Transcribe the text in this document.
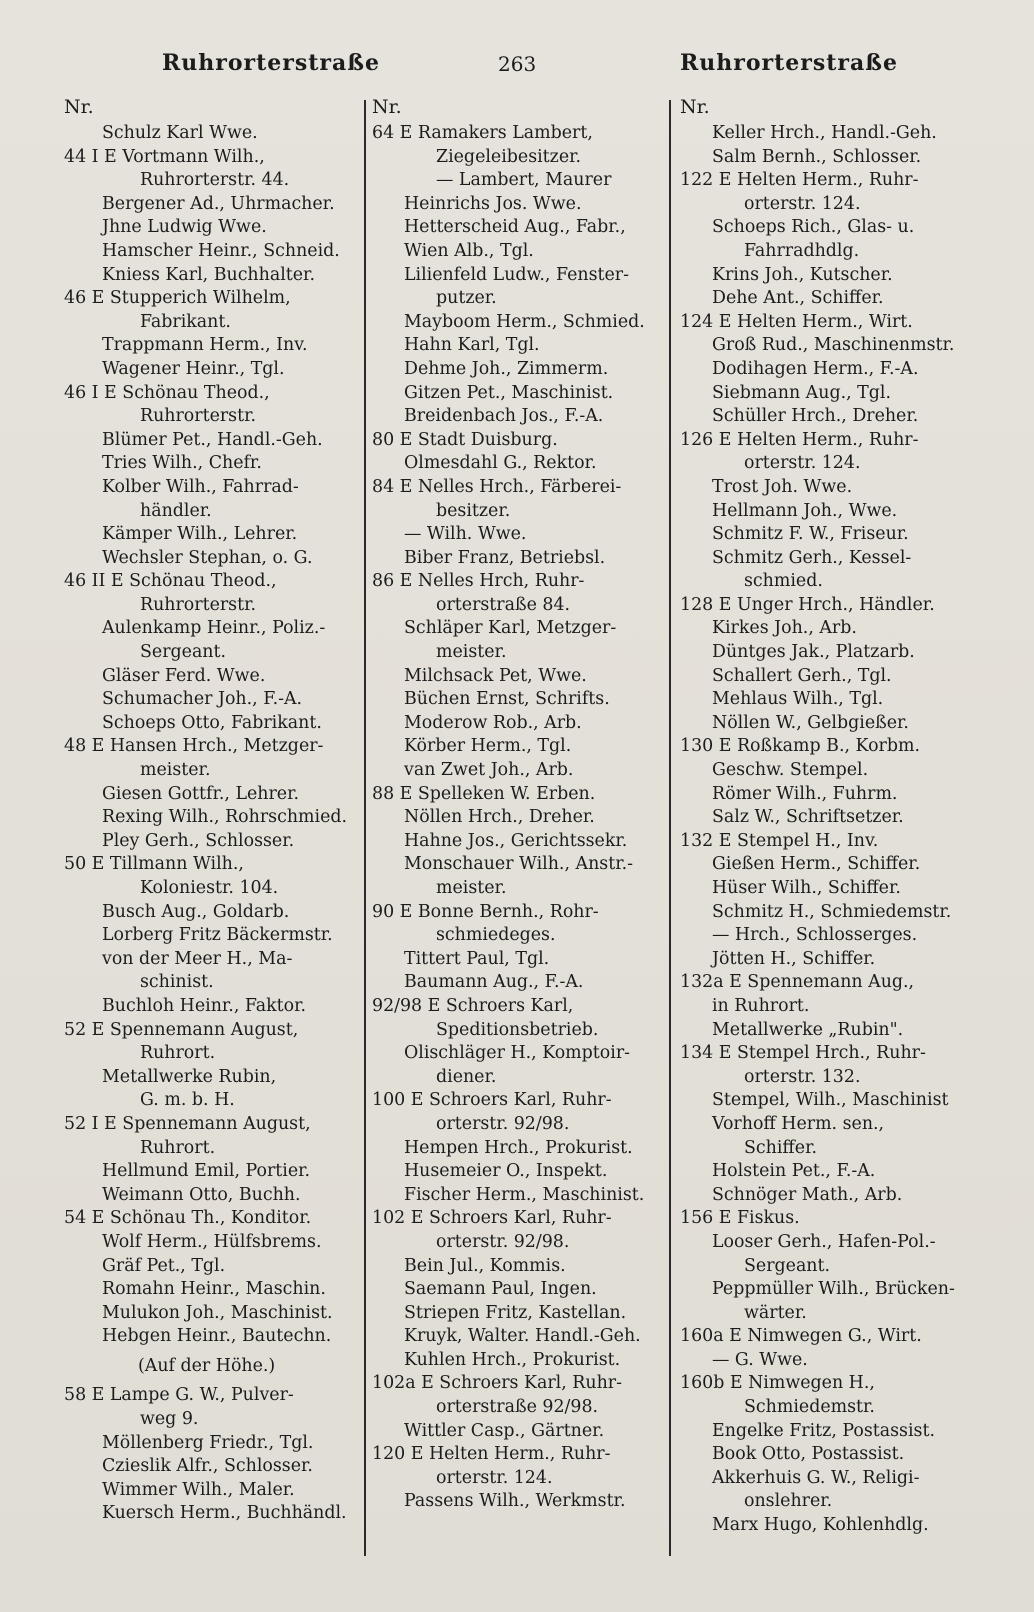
Ruhrorterstraße	263	Ruhrorterstraße
Nr.
Schulz Karl Wwe.
44 I E Vortmann Wilh.,
Ruhrorterstr. 44.
Bergener Ad., Uhrmacher.
Jhne Ludwig Wwe.
Hamscher Heinr., Schneid.
Kniess Karl, Buchhalter.
46 E Stupperich Wilhelm,
Fabrikant.
Trappmann Herm., Inv.
Wagener Heinr., Tgl.
46 I E Schönau Theod.,
Ruhrorterstr.
Blümer Pet., Handl.-Geh.
Tries Wilh., Chefr.
Kolber Wilh., Fahrrad-
händler.
Kämper Wilh., Lehrer.
Wechsler Stephan, o. G.
46 II E Schönau Theod.,
Ruhrorterstr.
Aulenkamp Heinr., Poliz.-
Sergeant.
Gläser Ferd. Wwe.
Schumacher Joh., F.-A.
Schoeps Otto, Fabrikant.
48 E Hansen Hrch., Metzger-
meister.
Giesen Gottfr., Lehrer.
Rexing Wilh., Rohrschmied.
Pley Gerh., Schlosser.
50 E Tillmann Wilh.,
Koloniestr. 104.
Busch Aug., Goldarb.
Lorberg Fritz Bäckermstr.
von der Meer H., Ma-
schinist.
Buchloh Heinr., Faktor.
52 E Spennemann August,
Ruhrort.
Metallwerke Rubin,
G. m. b. H.
52 I E Spennemann August,
Ruhrort.
Hellmund Emil, Portier.
Weimann Otto, Buchh.
54 E Schönau Th., Konditor.
Wolf Herm., Hülfsbrems.
Gräf Pet., Tgl.
Romahn Heinr., Maschin.
Mulukon Joh., Maschinist.
Hebgen Heinr., Bautechn.
(Auf der Höhe.)
58 E Lampe G. W., Pulver-
weg 9.
Möllenberg Friedr., Tgl.
Czieslik Alfr., Schlosser.
Wimmer Wilh., Maler.
Kuersch Herm., Buchhändl.
Nr.
64 E Ramakers Lambert,
Ziegeleibesitzer.
— Lambert, Maurer
Heinrichs Jos. Wwe.
Hetterscheid Aug., Fabr.,
Wien Alb., Tgl.
Lilienfeld Ludw., Fenster-
putzer.
Mayboom Herm., Schmied.
Hahn Karl, Tgl.
Dehme Joh., Zimmerm.
Gitzen Pet., Maschinist.
Breidenbach Jos., F.-A.
80 E Stadt Duisburg.
Olmesdahl G., Rektor.
84 E Nelles Hrch., Färberei-
besitzer.
— Wilh. Wwe.
Biber Franz, Betriebsl.
86 E Nelles Hrch, Ruhr-
orterstraße 84.
Schläper Karl, Metzger-
meister.
Milchsack Pet, Wwe.
Büchen Ernst, Schrifts.
Moderow Rob., Arb.
Körber Herm., Tgl.
van Zwet Joh., Arb.
88 E Spelleken W. Erben.
Nöllen Hrch., Dreher.
Hahne Jos., Gerichtssekr.
Monschauer Wilh., Anstr.-
meister.
90 E Bonne Bernh., Rohr-
schmiedeges.
Tittert Paul, Tgl.
Baumann Aug., F.-A.
92/98 E Schroers Karl,
Speditionsbetrieb.
Olischläger H., Komptoir-
diener.
100 E Schroers Karl, Ruhr-
orterstr. 92/98.
Hempen Hrch., Prokurist.
Husemeier O., Inspekt.
Fischer Herm., Maschinist.
102 E Schroers Karl, Ruhr-
orterstr. 92/98.
Bein Jul., Kommis.
Saemann Paul, Ingen.
Striepen Fritz, Kastellan.
Kruyk, Walter. Handl.-Geh.
Kuhlen Hrch., Prokurist.
102a E Schroers Karl, Ruhr-
orterstraße 92/98.
Wittler Casp., Gärtner.
120 E Helten Herm., Ruhr-
orterstr. 124.
Passens Wilh., Werkmstr.
Nr.
Keller Hrch., Handl.-Geh.
Salm Bernh., Schlosser.
122 E Helten Herm., Ruhr-
orterstr. 124.
Schoeps Rich., Glas- u.
Fahrradhdlg.
Krins Joh., Kutscher.
Dehe Ant., Schiffer.
124 E Helten Herm., Wirt.
Groß Rud., Maschinenmstr.
Dodihagen Herm., F.-A.
Siebmann Aug., Tgl.
Schüller Hrch., Dreher.
126 E Helten Herm., Ruhr-
orterstr. 124.
Trost Joh. Wwe.
Hellmann Joh., Wwe.
Schmitz F. W., Friseur.
Schmitz Gerh., Kessel-
schmied.
128 E Unger Hrch., Händler.
Kirkes Joh., Arb.
Düntges Jak., Platzarb.
Schallert Gerh., Tgl.
Mehlaus Wilh., Tgl.
Nöllen W., Gelbgießer.
130 E Roßkamp B., Korbm.
Geschw. Stempel.
Römer Wilh., Fuhrm.
Salz W., Schriftsetzer.
132 E Stempel H., Inv.
Gießen Herm., Schiffer.
Hüser Wilh., Schiffer.
Schmitz H., Schmiedemstr.
— Hrch., Schlosserges.
Jötten H., Schiffer.
132a E Spennemann Aug.,
in Ruhrort.
Metallwerke „Rubin".
134 E Stempel Hrch., Ruhr-
orterstr. 132.
Stempel, Wilh., Maschinist
Vorhoff Herm. sen.,
Schiffer.
Holstein Pet., F.-A.
Schnöger Math., Arb.
156 E Fiskus.
Looser Gerh., Hafen-Pol.-
Sergeant.
Peppmüller Wilh., Brücken-
wärter.
160a E Nimwegen G., Wirt.
— G. Wwe.
160b E Nimwegen H.,
Schmiedemstr.
Engelke Fritz, Postassist.
Book Otto, Postassist.
Akkerhuis G. W., Religi-
onslehrer.
Marx Hugo, Kohlenhdlg.
